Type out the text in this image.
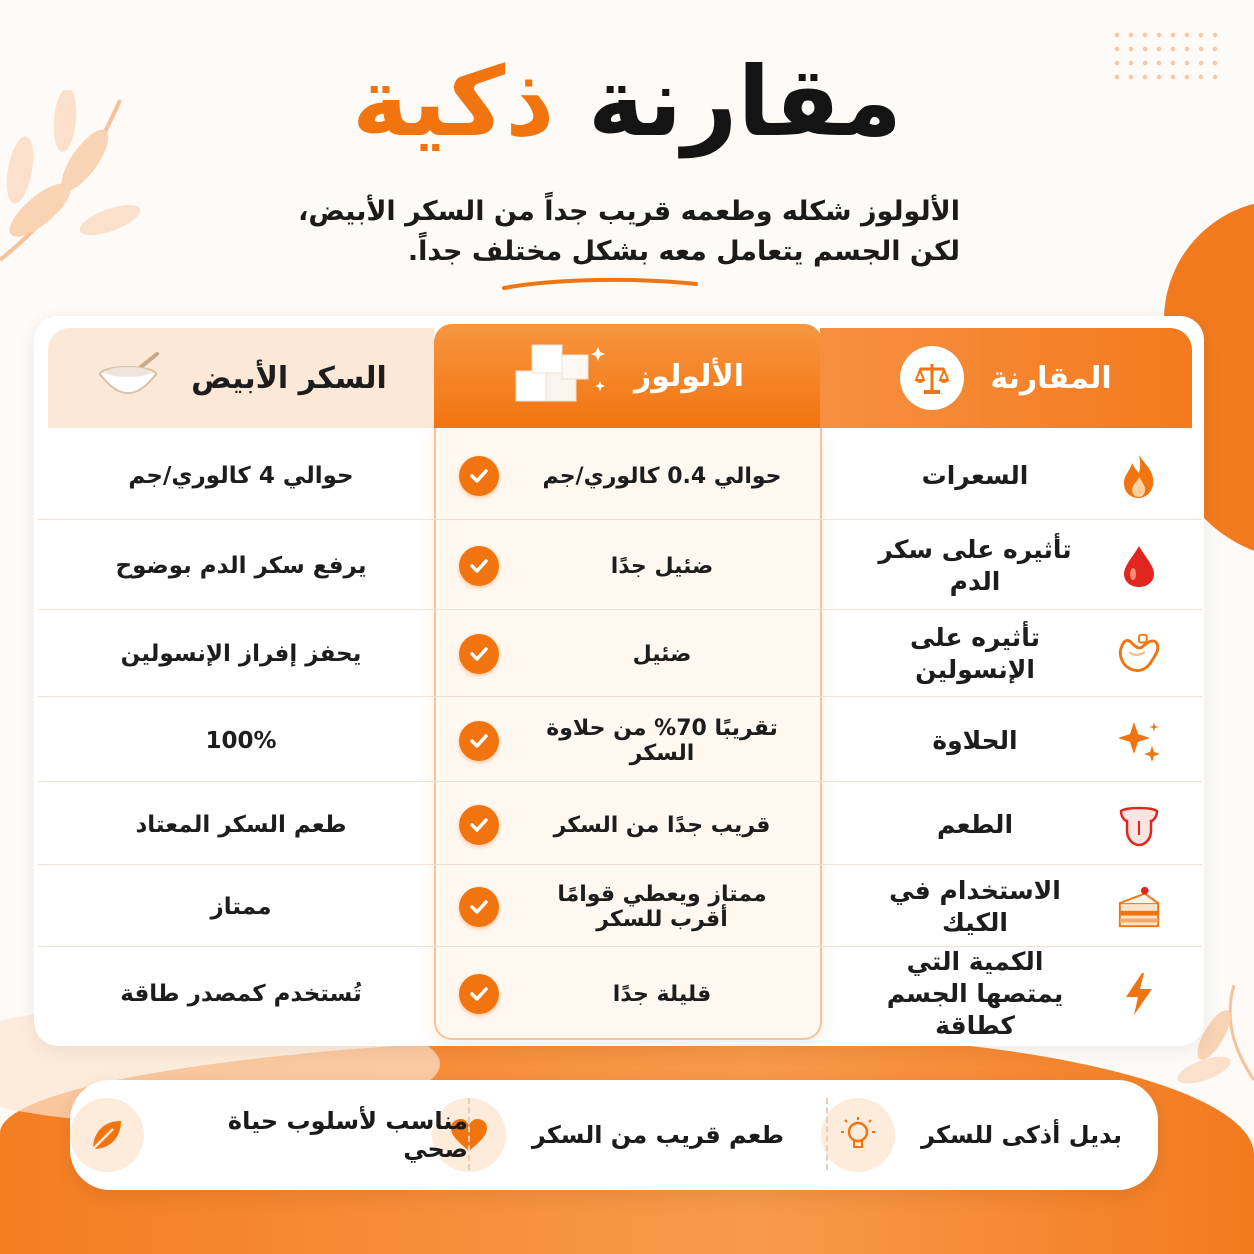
مقارنة ذكية
الألولوز شكله وطعمه قريب جداً من السكر الأبيض،
لكن الجسم يتعامل معه بشكل مختلف جداً.
السكر الأبيض	الألولوز	المقارنة
السعرات
حوالي 0.4 كالوري/جم
حوالي 4 كالوري/جم
تأثيره على سكر الدم
ضئيل جدًا
يرفع سكر الدم بوضوح
تأثيره على الإنسولين
ضئيل
يحفز إفراز الإنسولين
الحلاوة
تقريبًا 70% من حلاوة السكر
100%
الطعم
قريب جدًا من السكر
طعم السكر المعتاد
الاستخدام في الكيك
ممتاز ويعطي قوامًا أقرب للسكر
ممتاز
الكمية التي يمتصها الجسم كطاقة
قليلة جدًا
تُستخدم كمصدر طاقة
بديل أذكى للسكر
طعم قريب من السكر
مناسب لأسلوب حياة صحي
